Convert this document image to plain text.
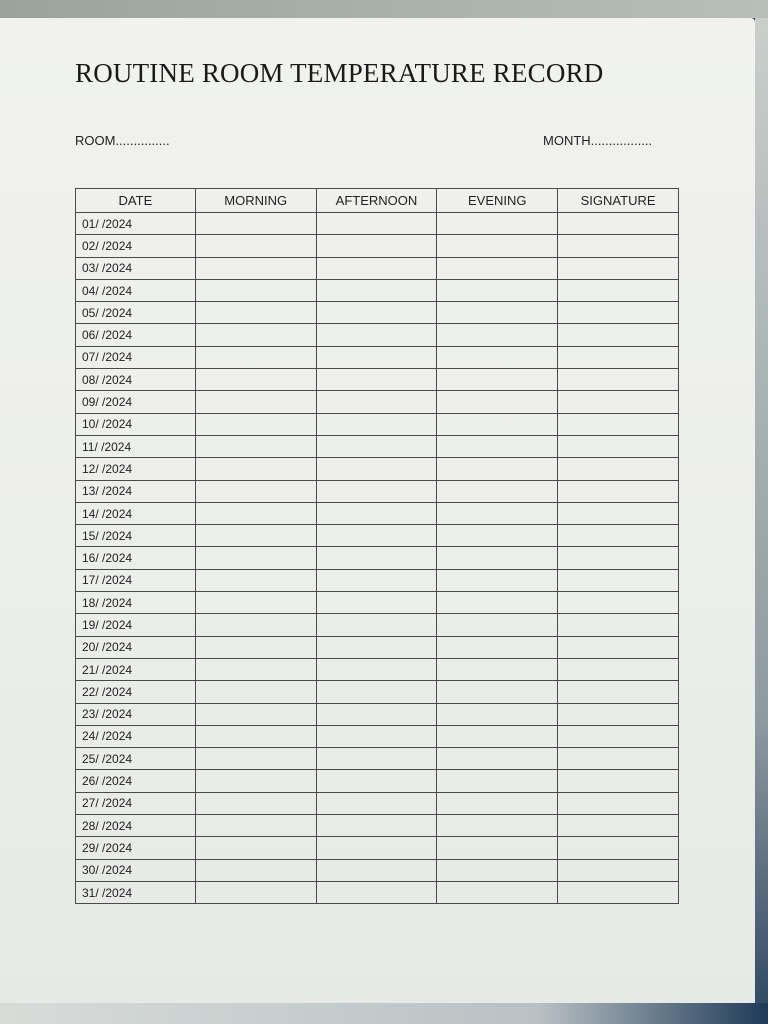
ROUTINE ROOM TEMPERATURE RECORD
ROOM...............	MONTH.................
DATE	MORNING	AFTERNOON	EVENING	SIGNATURE
01/ /2024				
02/ /2024				
03/ /2024				
04/ /2024				
05/ /2024				
06/ /2024				
07/ /2024				
08/ /2024				
09/ /2024				
10/ /2024				
11/ /2024				
12/ /2024				
13/ /2024				
14/ /2024				
15/ /2024				
16/ /2024				
17/ /2024				
18/ /2024				
19/ /2024				
20/ /2024				
21/ /2024				
22/ /2024				
23/ /2024				
24/ /2024				
25/ /2024				
26/ /2024				
27/ /2024				
28/ /2024				
29/ /2024				
30/ /2024				
31/ /2024				
